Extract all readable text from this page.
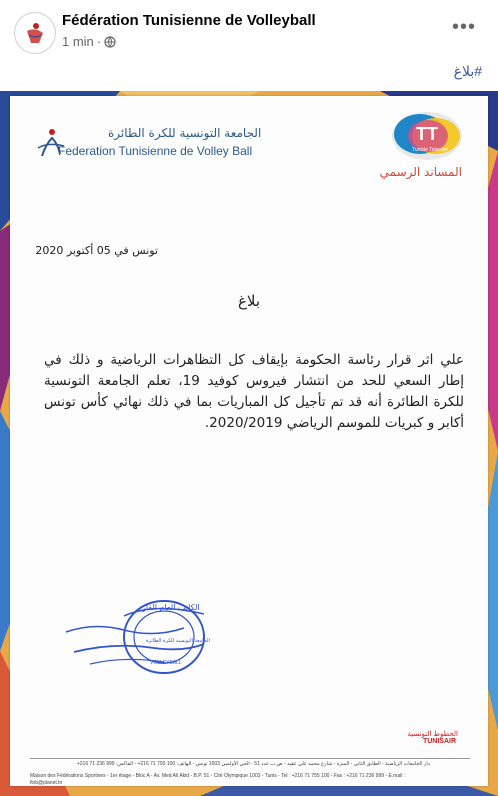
Fédération Tunisienne de Volleyball
1 min ·
•••
#بلاغ
الجامعة التونسية للكرة الطائرة
Federation Tunisienne de Volley Ball
TT
Tunisie Telecom
المساند الرسمي
تونس في 05 أكتوبر 2020
بلاغ
علي اثر قرار رئاسة الحكومة بإيقاف كل التظاهرات الرياضية و ذلك في إطار السعي للحد من انتشار فيروس كوفيد 19، تعلم الجامعة التونسية للكرة الطائرة أنه قد تم تأجيل كل المباريات بما في ذلك نهائي كأس تونس أكابر و كبريات للموسم الرياضي 2020/2019.
الكاتب العام القار
الجامعة التونسية للكرة الطائرة
VOLLEYBALL
الخطوط التونسية
TUNISAIR
دار الجامعات الرياضية - الطابق الثاني - المنزه - شارع محمد علي عقيد - ص.ب عدد 51 - الحي الأولمبي 1003 تونس - الهاتف: 100 793 71 216+ - الفاكس: 999 236 71 216+
Maison des Fédérations Sportives - 1er étage - Bloc A - Av. Med Ali Akid - B.P. 51 - Cité Olympique 1003 - Tunis - Tel : +216 71 755 100 - Fax : +216 71 236 999 - E.mail : ftvb@planet.tn
